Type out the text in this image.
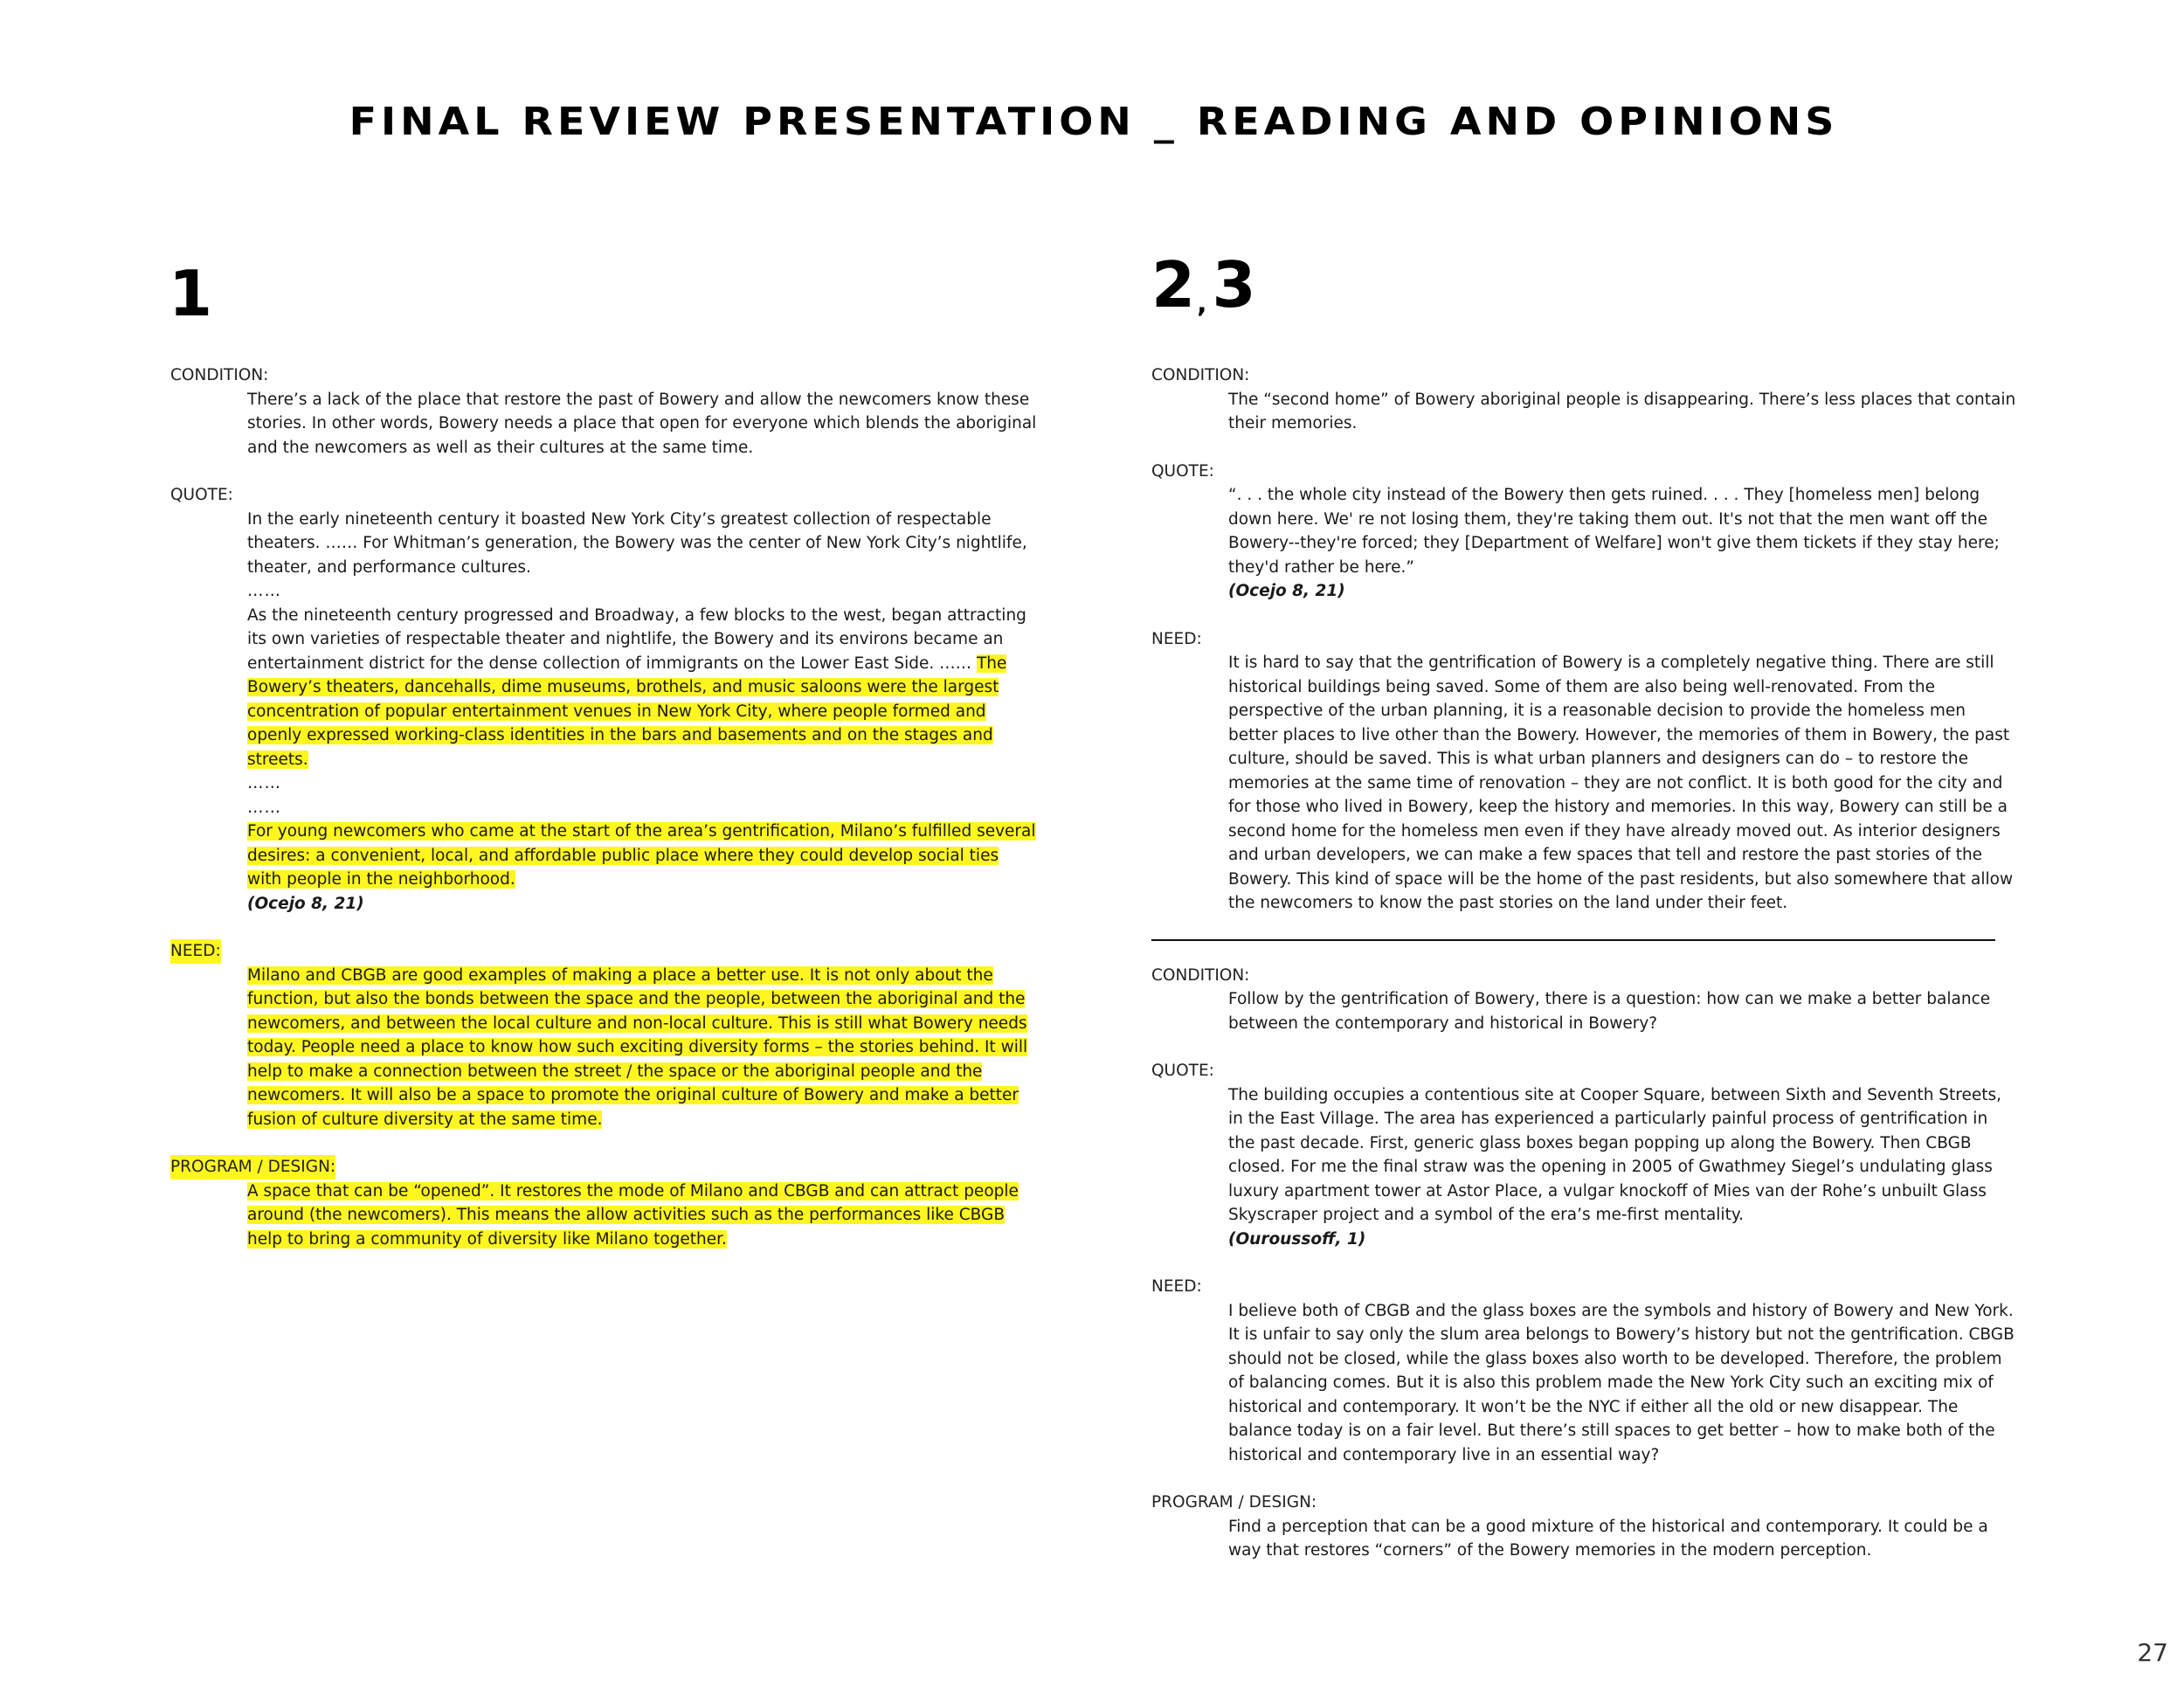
FINAL REVIEW PRESENTATION _ READING AND OPINIONS
1	2,3
CONDITION:

There’s a lack of the place that restore the past of Bowery and allow the newcomers know these stories. In other words, Bowery needs a place that open for everyone which blends the aboriginal and the newcomers as well as their cultures at the same time.

QUOTE:

In the early nineteenth century it boasted New York City’s greatest collection of respectable theaters. …… For Whitman’s generation, the Bowery was the center of New York City’s nightlife, theater, and performance cultures.

……

As the nineteenth century progressed and Broadway, a few blocks to the west, began attracting its own varieties of respectable theater and nightlife, the Bowery and its environs became an entertainment district for the dense collection of immigrants on the Lower East Side. …… The Bowery’s theaters, dancehalls, dime museums, brothels, and music saloons were the largest concentration of popular entertainment venues in New York City, where people formed and openly expressed working-class identities in the bars and basements and on the stages and streets.

……
……

For young newcomers who came at the start of the area’s gentrification, Milano’s fulfilled several desires: a convenient, local, and affordable public place where they could develop social ties with people in the neighborhood.

(Ocejo 8, 21)
NEED:

Milano and CBGB are good examples of making a place a better use. It is not only about the function, but also the bonds between the space and the people, between the aboriginal and the newcomers, and between the local culture and non-local culture. This is still what Bowery needs today. People need a place to know how such exciting diversity forms – the stories behind. It will help to make a connection between the street / the space or the aboriginal people and the newcomers. It will also be a space to promote the original culture of Bowery and make a better fusion of culture diversity at the same time.

PROGRAM / DESIGN:

A space that can be “opened”. It restores the mode of Milano and CBGB and can attract people around (the newcomers). This means the allow activities such as the performances like CBGB help to bring a community of diversity like Milano together.

CONDITION:

The “second home” of Bowery aboriginal people is disappearing. There’s less places that contain their memories.

QUOTE:

“. . . the whole city instead of the Bowery then gets ruined. . . . They [homeless men] belong down here. We' re not losing them, they're taking them out. It's not that the men want off the Bowery--they're forced; they [Department of Welfare] won't give them tickets if they stay here; they'd rather be here.”

(Ocejo 8, 21)
NEED:

It is hard to say that the gentrification of Bowery is a completely negative thing. There are still historical buildings being saved. Some of them are also being well-renovated. From the perspective of the urban planning, it is a reasonable decision to provide the homeless men better places to live other than the Bowery. However, the memories of them in Bowery, the past culture, should be saved. This is what urban planners and designers can do – to restore the memories at the same time of renovation – they are not conflict. It is both good for the city and for those who lived in Bowery, keep the history and memories. In this way, Bowery can still be a second home for the homeless men even if they have already moved out. As interior designers and urban developers, we can make a few spaces that tell and restore the past stories of the Bowery. This kind of space will be the home of the past residents, but also somewhere that allow the newcomers to know the past stories on the land under their feet.

CONDITION:

Follow by the gentrification of Bowery, there is a question: how can we make a better balance between the contemporary and historical in Bowery?

QUOTE:

The building occupies a contentious site at Cooper Square, between Sixth and Seventh Streets, in the East Village. The area has experienced a particularly painful process of gentrification in the past decade. First, generic glass boxes began popping up along the Bowery. Then CBGB closed. For me the final straw was the opening in 2005 of Gwathmey Siegel’s undulating glass luxury apartment tower at Astor Place, a vulgar knockoff of Mies van der Rohe’s unbuilt Glass Skyscraper project and a symbol of the era’s me-first mentality.

(Ouroussoff, 1)
NEED:

I believe both of CBGB and the glass boxes are the symbols and history of Bowery and New York. It is unfair to say only the slum area belongs to Bowery’s history but not the gentrification. CBGB should not be closed, while the glass boxes also worth to be developed. Therefore, the problem of balancing comes. But it is also this problem made the New York City such an exciting mix of historical and contemporary. It won’t be the NYC if either all the old or new disappear. The balance today is on a fair level. But there’s still spaces to get better – how to make both of the historical and contemporary live in an essential way?

PROGRAM / DESIGN:

Find a perception that can be a good mixture of the historical and contemporary. It could be a way that restores “corners” of the Bowery memories in the modern perception.

27
